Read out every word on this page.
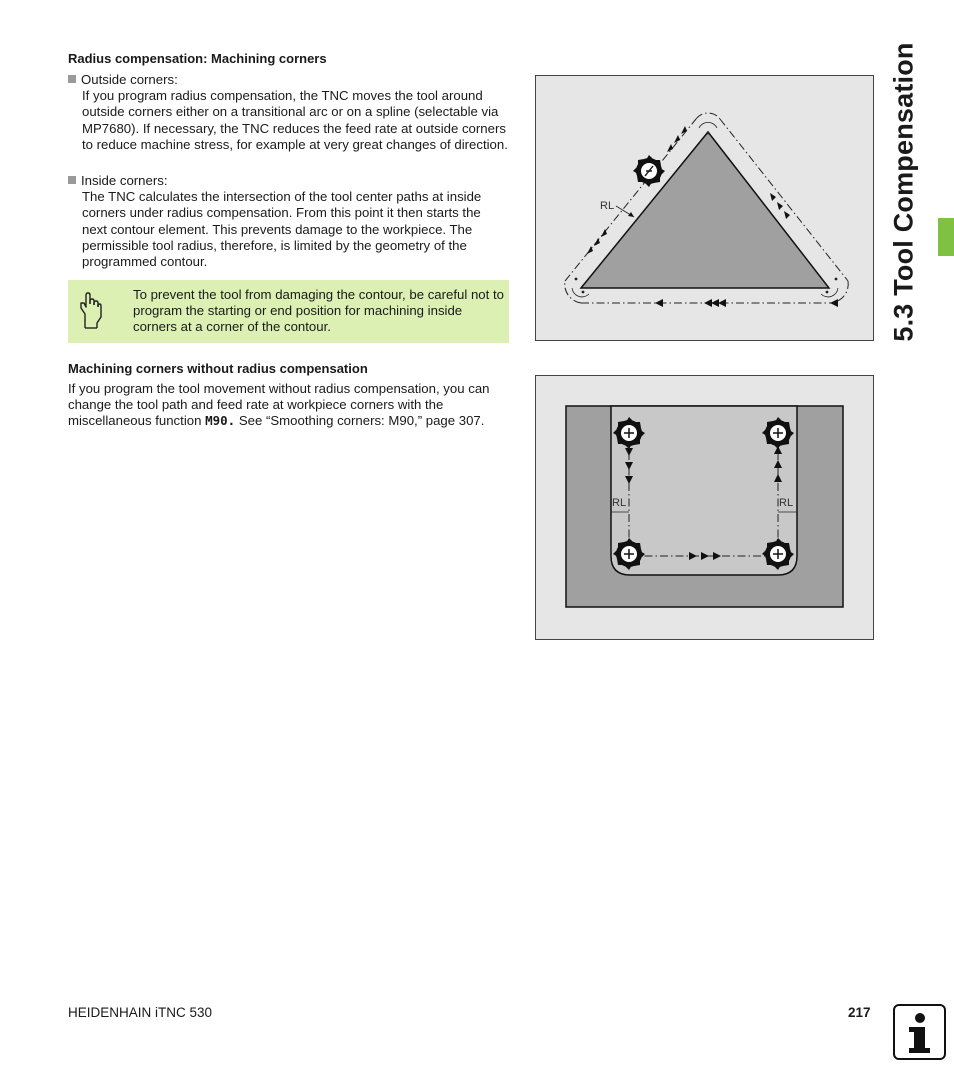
Radius compensation: Machining corners
Outside corners:
If you program radius compensation, the TNC moves the tool around outside corners either on a transitional arc or on a spline (selectable via MP7680). If necessary, the TNC reduces the feed rate at outside corners to reduce machine stress, for example at very great changes of direction.
Inside corners:
The TNC calculates the intersection of the tool center paths at inside corners under radius compensation. From this point it then starts the next contour element. This prevents damage to the workpiece. The permissible tool radius, therefore, is limited by the geometry of the programmed contour.
To prevent the tool from damaging the contour, be careful not to program the starting or end position for machining inside corners at a corner of the contour.
Machining corners without radius compensation
If you program the tool movement without radius compensation, you can change the tool path and feed rate at workpiece corners with the miscellaneous function M90. See “Smoothing corners: M90,” page 307.
RL
RL	RL
5.3 Tool Compensation
HEIDENHAIN iTNC 530	217
